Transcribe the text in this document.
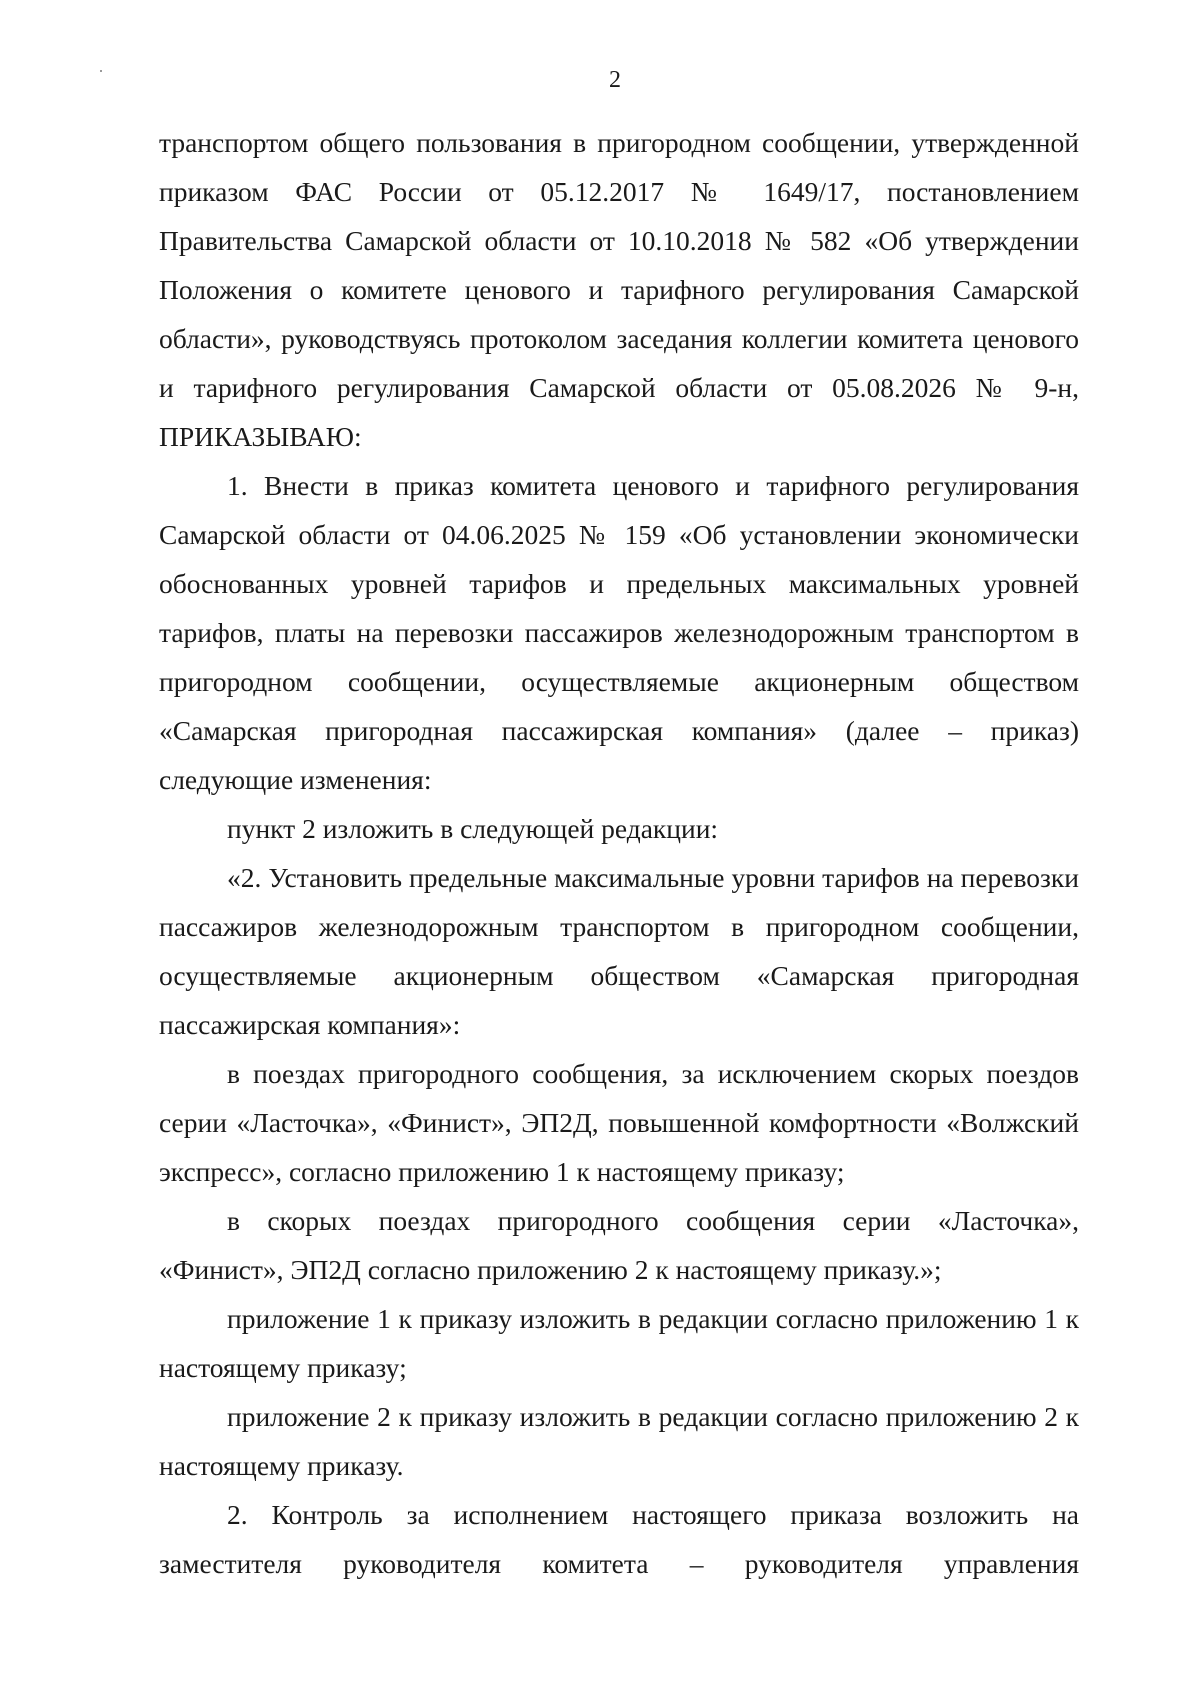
2

транспортом общего пользования в пригородном сообщении, утвержденной приказом ФАС России от 05.12.2017 № 1649/17, постановлением Правительства Самарской области от 10.10.2018 № 582 «Об утверждении Положения о комитете ценового и тарифного регулирования Самарской области», руководствуясь протоколом заседания коллегии комитета ценового и тарифного регулирования Самарской области от 05.08.2026 № 9-н, ПРИКАЗЫВАЮ:

1. Внести в приказ комитета ценового и тарифного регулирования Самарской области от 04.06.2025 № 159 «Об установлении экономически обоснованных уровней тарифов и предельных максимальных уровней тарифов, платы на перевозки пассажиров железнодорожным транспортом в пригородном сообщении, осуществляемые акционерным обществом «Самарская пригородная пассажирская компания» (далее – приказ) следующие изменения:

пункт 2 изложить в следующей редакции:

«2. Установить предельные максимальные уровни тарифов на перевозки пассажиров железнодорожным транспортом в пригородном сообщении, осуществляемые акционерным обществом «Самарская пригородная пассажирская компания»:

в поездах пригородного сообщения, за исключением скорых поездов серии «Ласточка», «Финист», ЭП2Д, повышенной комфортности «Волжский экспресс», согласно приложению 1 к настоящему приказу;

в скорых поездах пригородного сообщения серии «Ласточка», «Финист», ЭП2Д согласно приложению 2 к настоящему приказу.»;

приложение 1 к приказу изложить в редакции согласно приложению 1 к настоящему приказу;

приложение 2 к приказу изложить в редакции согласно приложению 2 к настоящему приказу.

2. Контроль за исполнением настоящего приказа возложить на заместителя руководителя комитета – руководителя управления
